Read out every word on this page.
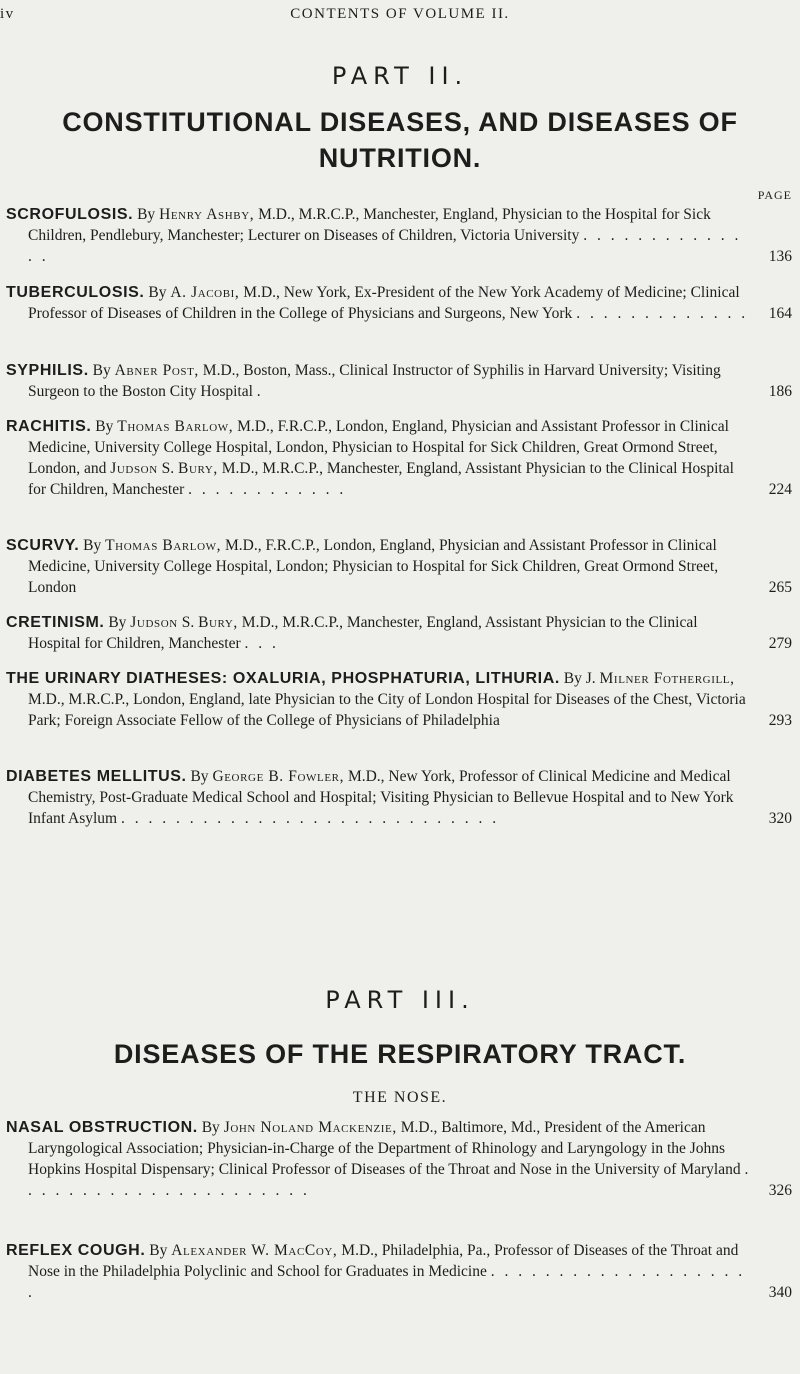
iv	CONTENTS OF VOLUME II.
PART II.
CONSTITUTIONAL DISEASES, AND DISEASES OF NUTRITION.
PAGE
SCROFULOSIS. By Henry Ashby, M.D., M.R.C.P., Manchester, England, Physician to the Hospital for Sick Children, Pendlebury, Manchester; Lecturer on Diseases of Children, Victoria University . . . . . . . . . . . . . .	136
TUBERCULOSIS. By A. Jacobi, M.D., New York, Ex-President of the New York Academy of Medicine; Clinical Professor of Diseases of Children in the College of Physicians and Surgeons, New York . . . . . . . . . . . . .	164
SYPHILIS. By Abner Post, M.D., Boston, Mass., Clinical Instructor of Syphilis in Harvard University; Visiting Surgeon to the Boston City Hospital .	186
RACHITIS. By Thomas Barlow, M.D., F.R.C.P., London, England, Physician and Assistant Professor in Clinical Medicine, University College Hospital, London, Physician to Hospital for Sick Children, Great Ormond Street, London, and Judson S. Bury, M.D., M.R.C.P., Manchester, England, Assistant Physician to the Clinical Hospital for Children, Manchester . . . . . . . . . . . .	224
SCURVY. By Thomas Barlow, M.D., F.R.C.P., London, England, Physician and Assistant Professor in Clinical Medicine, University College Hospital, London; Physician to Hospital for Sick Children, Great Ormond Street, London	265
CRETINISM. By Judson S. Bury, M.D., M.R.C.P., Manchester, England, Assistant Physician to the Clinical Hospital for Children, Manchester . . .	279
THE URINARY DIATHESES: OXALURIA, PHOSPHATURIA, LITHURIA. By J. Milner Fothergill, M.D., M.R.C.P., London, England, late Physician to the City of London Hospital for Diseases of the Chest, Victoria Park; Foreign Associate Fellow of the College of Physicians of Philadelphia	293
DIABETES MELLITUS. By George B. Fowler, M.D., New York, Professor of Clinical Medicine and Medical Chemistry, Post-Graduate Medical School and Hospital; Visiting Physician to Bellevue Hospital and to New York Infant Asylum . . . . . . . . . . . . . . . . . . . . . . . . . . . .	320
PART III.
DISEASES OF THE RESPIRATORY TRACT.
THE NOSE.
NASAL OBSTRUCTION. By John Noland Mackenzie, M.D., Baltimore, Md., President of the American Laryngological Association; Physician-in-Charge of the Department of Rhinology and Laryngology in the Johns Hopkins Hospital Dispensary; Clinical Professor of Diseases of the Throat and Nose in the University of Maryland . . . . . . . . . . . . . . . . . . . . . .	326
REFLEX COUGH. By Alexander W. MacCoy, M.D., Philadelphia, Pa., Professor of Diseases of the Throat and Nose in the Philadelphia Polyclinic and School for Graduates in Medicine . . . . . . . . . . . . . . . . . . . .	340
